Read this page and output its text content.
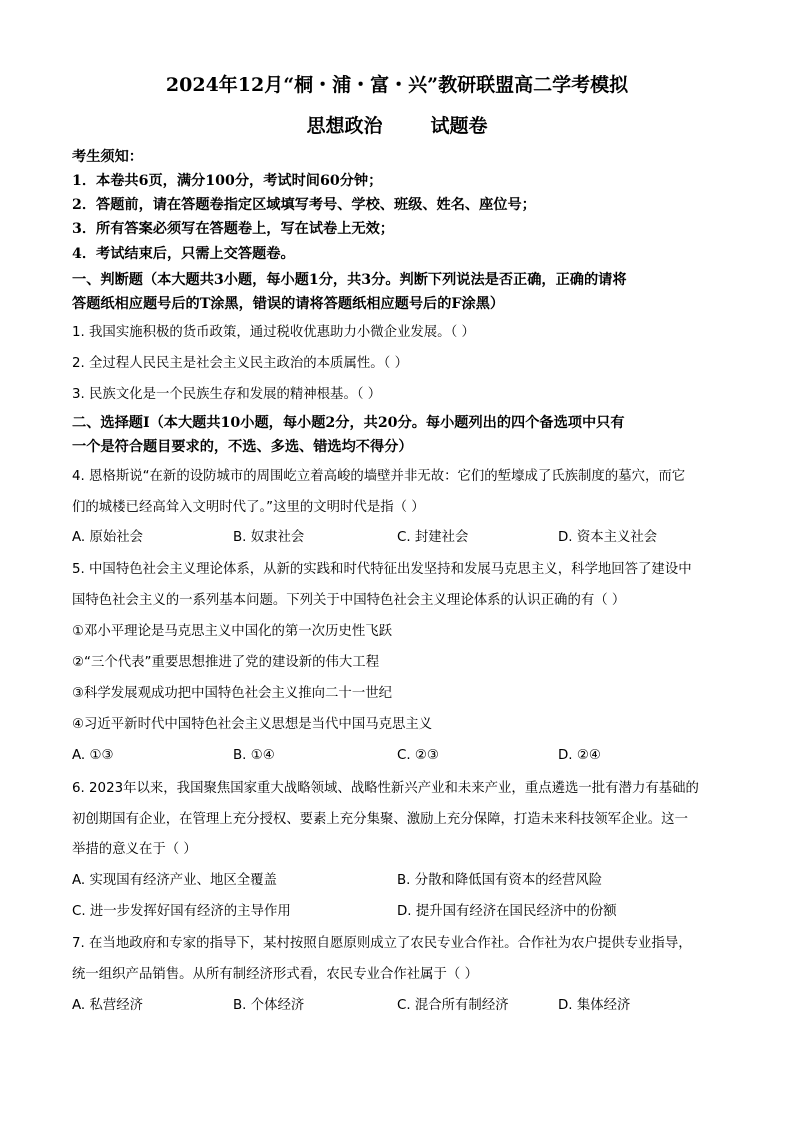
2024年12月“桐・浦・富・兴”教研联盟高二学考模拟
思想政治	试题卷
考生须知：
1．本卷共6页，满分100分，考试时间60分钟；
2．答题前，请在答题卷指定区域填写考号、学校、班级、姓名、座位号；
3．所有答案必须写在答题卷上，写在试卷上无效；
4．考试结束后，只需上交答题卷。
一、判断题（本大题共3小题，每小题1分，共3分。判断下列说法是否正确，正确的请将
答题纸相应题号后的T涂黑，错误的请将答题纸相应题号后的F涂黑）
1. 我国实施积极的货币政策，通过税收优惠助力小微企业发展。（ ）
2. 全过程人民民主是社会主义民主政治的本质属性。（ ）
3. 民族文化是一个民族生存和发展的精神根基。（ ）
二、选择题Ⅰ（本大题共10小题，每小题2分，共20分。每小题列出的四个备选项中只有
一个是符合题目要求的，不选、多选、错选均不得分）
4. 恩格斯说“在新的设防城市的周围屹立着高峻的墙壁并非无故：它们的堑壕成了氏族制度的墓穴，而它
们的城楼已经高耸入文明时代了。”这里的文明时代是指（ ）
A. 原始社会	B. 奴隶社会	C. 封建社会	D. 资本主义社会
5. 中国特色社会主义理论体系，从新的实践和时代特征出发坚持和发展马克思主义，科学地回答了建设中
国特色社会主义的一系列基本问题。下列关于中国特色社会主义理论体系的认识正确的有（ ）
①邓小平理论是马克思主义中国化的第一次历史性飞跃
②“三个代表”重要思想推进了党的建设新的伟大工程
③科学发展观成功把中国特色社会主义推向二十一世纪
④习近平新时代中国特色社会主义思想是当代中国马克思主义
A. ①③	B. ①④	C. ②③	D. ②④
6. 2023年以来，我国聚焦国家重大战略领域、战略性新兴产业和未来产业，重点遴选一批有潜力有基础的
初创期国有企业，在管理上充分授权、要素上充分集聚、激励上充分保障，打造未来科技领军企业。这一
举措的意义在于（ ）
A. 实现国有经济产业、地区全覆盖	B. 分散和降低国有资本的经营风险
C. 进一步发挥好国有经济的主导作用	D. 提升国有经济在国民经济中的份额
7. 在当地政府和专家的指导下，某村按照自愿原则成立了农民专业合作社。合作社为农户提供专业指导，
统一组织产品销售。从所有制经济形式看，农民专业合作社属于（ ）
A. 私营经济	B. 个体经济	C. 混合所有制经济	D. 集体经济
